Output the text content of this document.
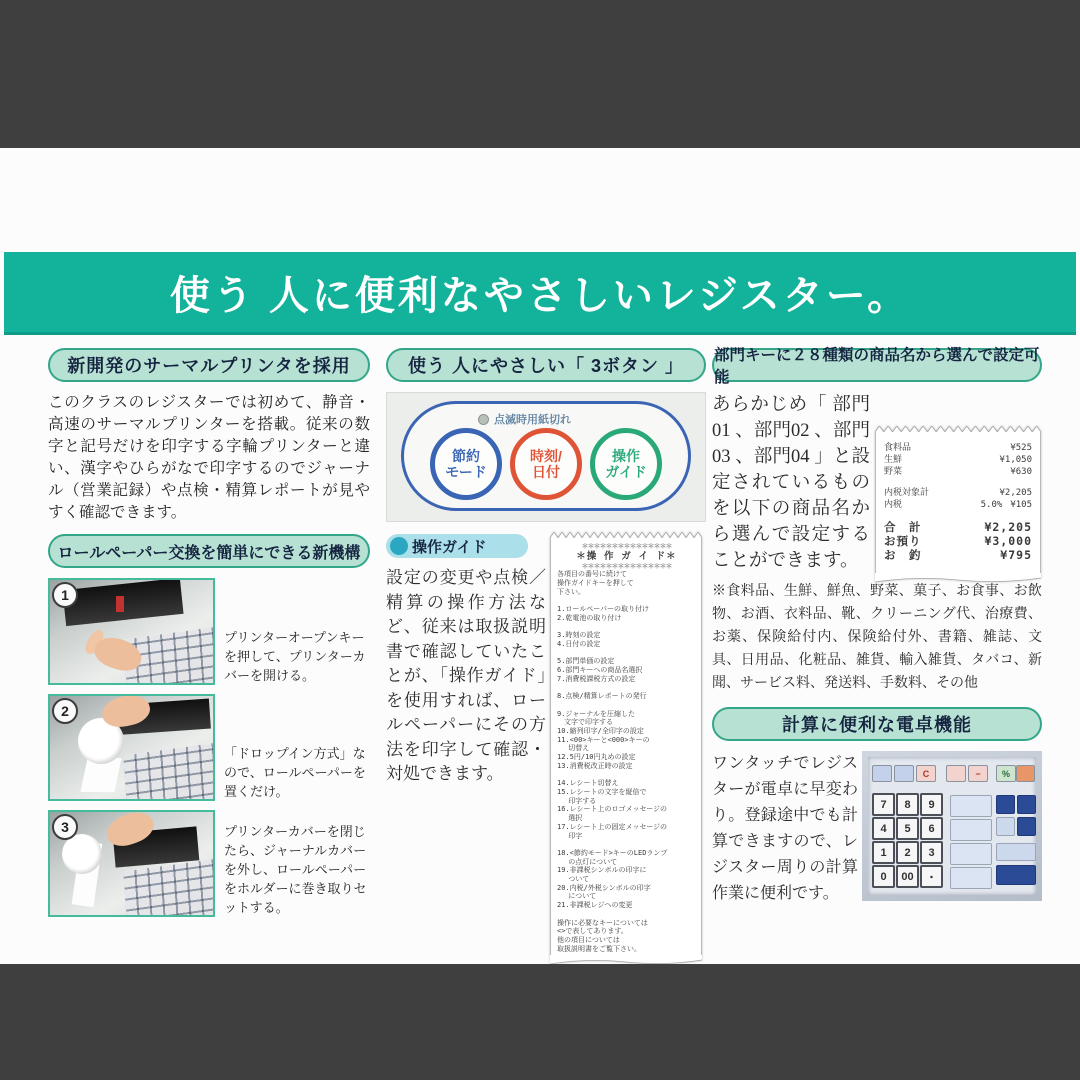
使う 人に便利なやさしいレジスター。
新開発のサーマルプリンタを採用
このクラスのレジスターでは初めて、静音・高速のサーマルプリンターを搭載。従来の数字と記号だけを印字する字輪プリンターと違い、漢字やひらがなで印字するのでジャーナル（営業記録）や点検・精算レポートが見やすく確認できます。
ロールペーパー交換を簡単にできる新機構
1
プリンターオープンキーを押して、プリンターカバーを開ける。
2
「ドロップイン方式」なので、ロールペーパーを置くだけ。
3	プリンターカバーを閉じたら、ジャーナルカバーを外し、ロールペーパーをホルダーに巻き取りセットする。
使う 人にやさしい「 3ボタン 」
点滅時用紙切れ
節約
モード
時刻/
日付
操作
ガイド
操作ガイド
設定の変更や点検／精算の操作方法など、従来は取扱説明書で確認していたことが、「操作ガイド」を使用すれば、ロールペーパーにその方法を印字して確認・対処できます。
＊＊＊＊＊＊＊＊＊＊＊＊＊＊＊
＊操 作 ガ イ ド＊
＊＊＊＊＊＊＊＊＊＊＊＊＊＊＊
各項目の番号に続けて
操作ガイドキーを押して
下さい。

1.ロールペーパーの取り付け
2.乾電池の取り付け

3.時刻の設定
4.日付の設定

5.部門単価の設定
6.部門キーへの商品名選択
7.消費税課税方式の設定

8.点検/精算レポートの発行

9.ジャーナルを圧縮した
　文字で印字する
10.縮列印字/全印字の設定
11.<00>キーと<000>キーの
　 切替え
12.5円/10円丸めの設定
13.消費税改正時の設定

14.レシート切替え
15.レシートの文字を縦倍で
　 印字する
16.レシート上のロゴメッセージの
　 選択
17.レシート上の固定メッセージの
　 印字

18.<節約モード>キーのLEDランプ
　 の点灯について
19.非課税シンボルの印字に
　 ついて
20.内税/外税シンボルの印字
　 について
21.非課税レジへの変更

操作に必要なキーについては
<>で表してあります。
他の項目については
取扱説明書をご覧下さい。
部門キーに２８種類の商品名から選んで設定可能
あらかじめ「 部門01 、部門02 、部門03 、部門04 」と設定されているものを以下の商品名から選んで設定することができます。
食料品
	¥525
生鮮
	¥1,050
野菜
	¥630
内税対象計
	¥2,205
内税	5.0% ¥105
合　計
	¥2,205
お預り
	¥3,000
お　釣
	¥795
※食料品、生鮮、鮮魚、野菜、菓子、お食事、お飲物、お酒、衣料品、靴、クリーニング代、治療費、お薬、保険給付内、保険給付外、書籍、雑誌、文具、日用品、化粧品、雑貨、輸入雑貨、タバコ、新聞、サービス料、発送料、手数料、その他
計算に便利な電卓機能
ワンタッチでレジスターが電卓に早変わり。登録途中でも計算できますので、レジスター周りの計算作業に便利です。
C	−	%
7	8	9
4	5	6
1	2	3
0	00	・
